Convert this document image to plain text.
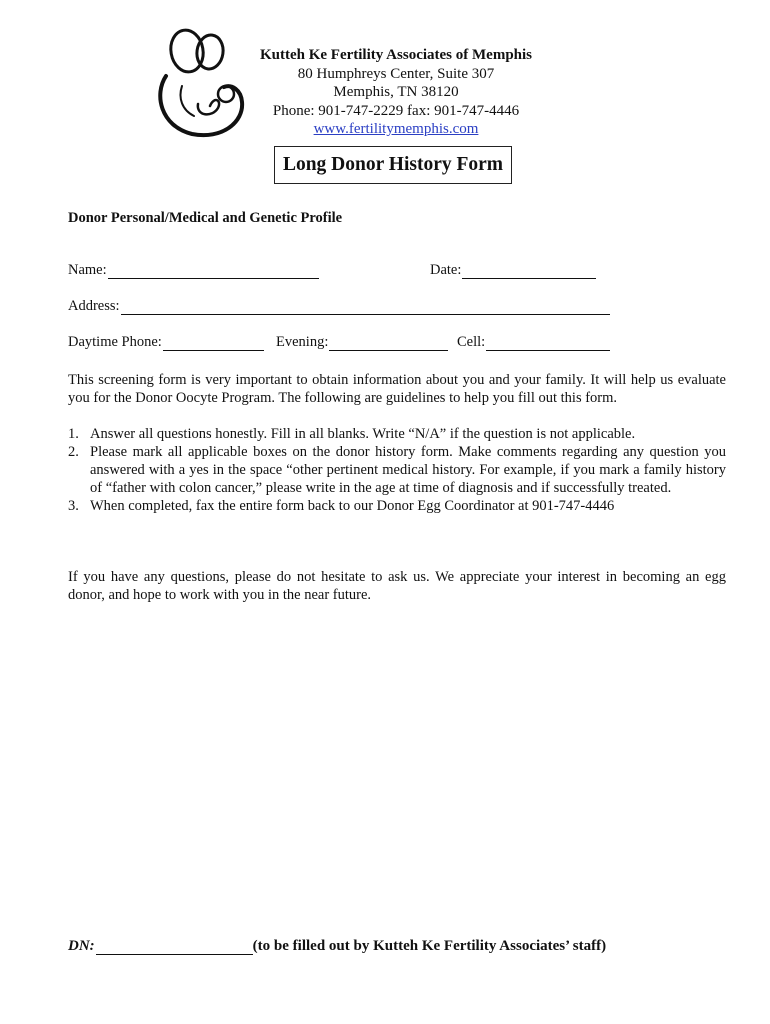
Kutteh Ke Fertility Associates of Memphis
80 Humphreys Center, Suite 307
Memphis, TN 38120
Phone: 901-747-2229 fax: 901-747-4446
www.fertilitymemphis.com
Long Donor History Form
Donor Personal/Medical and Genetic Profile
Name:	Date:
Address:
Daytime Phone:	Evening:	Cell:
This screening form is very important to obtain information about you and your family. It will help us evaluate you for the Donor Oocyte Program. The following are guidelines to help you fill out this form.
1. Answer all questions honestly. Fill in all blanks. Write “N/A” if the question is not applicable.
2. Please mark all applicable boxes on the donor history form. Make comments regarding any question you answered with a yes in the space “other pertinent medical history. For example, if you mark a family history of “father with colon cancer,” please write in the age at time of diagnosis and if successfully treated.
3. When completed, fax the entire form back to our Donor Egg Coordinator at 901-747-4446
If you have any questions, please do not hesitate to ask us. We appreciate your interest in becoming an egg donor, and hope to work with you in the near future.
DN:	(to be filled out by Kutteh Ke Fertility Associates’ staff)
